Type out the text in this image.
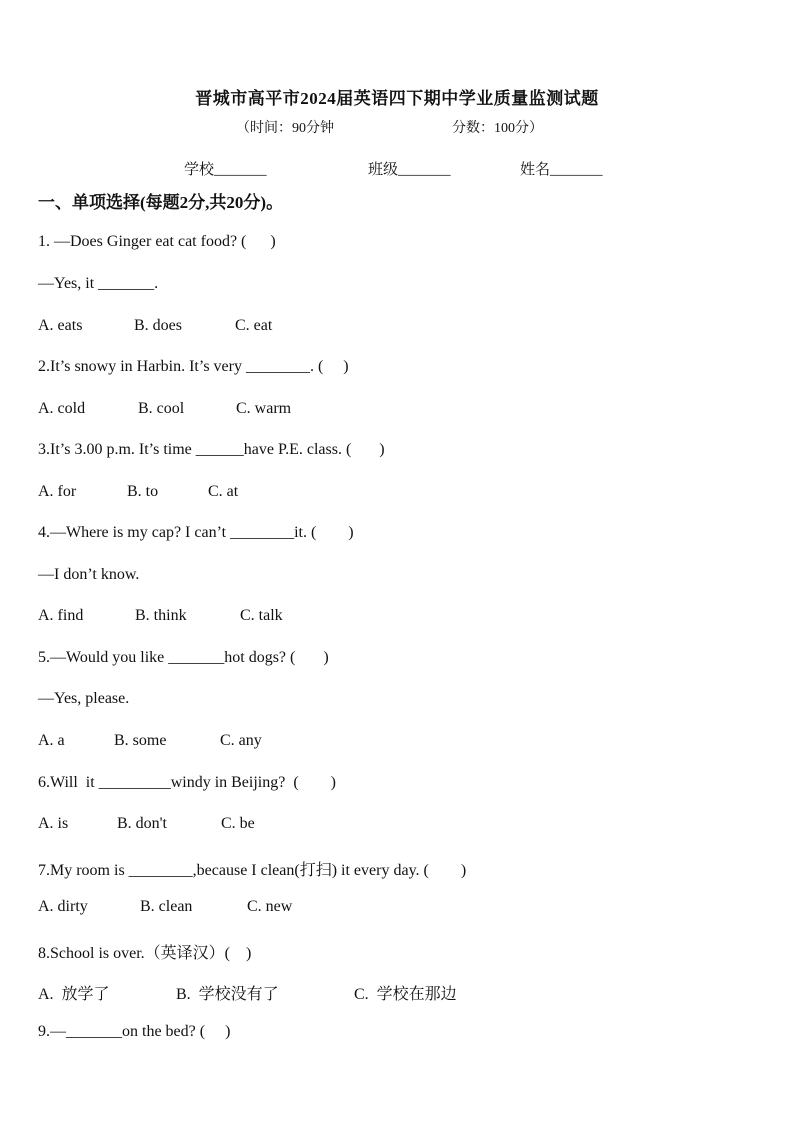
晋城市高平市2024届英语四下期中学业质量监测试题
（时间：90分钟	分数：100分）
学校_______	班级_______	姓名_______
一、单项选择(每题2分,共20分)。
1. —Does Ginger eat cat food? (      )
—Yes, it _______.
A. eats	B. does	C. eat
2.It’s snowy in Harbin. It’s very ________. (     )
A. cold	B. cool	C. warm
3.It’s 3.00 p.m. It’s time ______have P.E. class. (       )
A. for	B. to	C. at
4.—Where is my cap? I can’t ________it. (        )
—I don’t know.
A. find	B. think	C. talk
5.—Would you like _______hot dogs? (       )
—Yes, please.
A. a	B. some	C. any
6.Will  it _________windy in Beijing?  (        )
A. is	B. don't	C. be
7.My room is ________,because I clean(打扫) it every day. (        )
A. dirty	B. clean	C. new
8.School is over.（英译汉）(    )
A.  放学了	B.  学校没有了	C.  学校在那边
9.—_______on the bed? (     )
